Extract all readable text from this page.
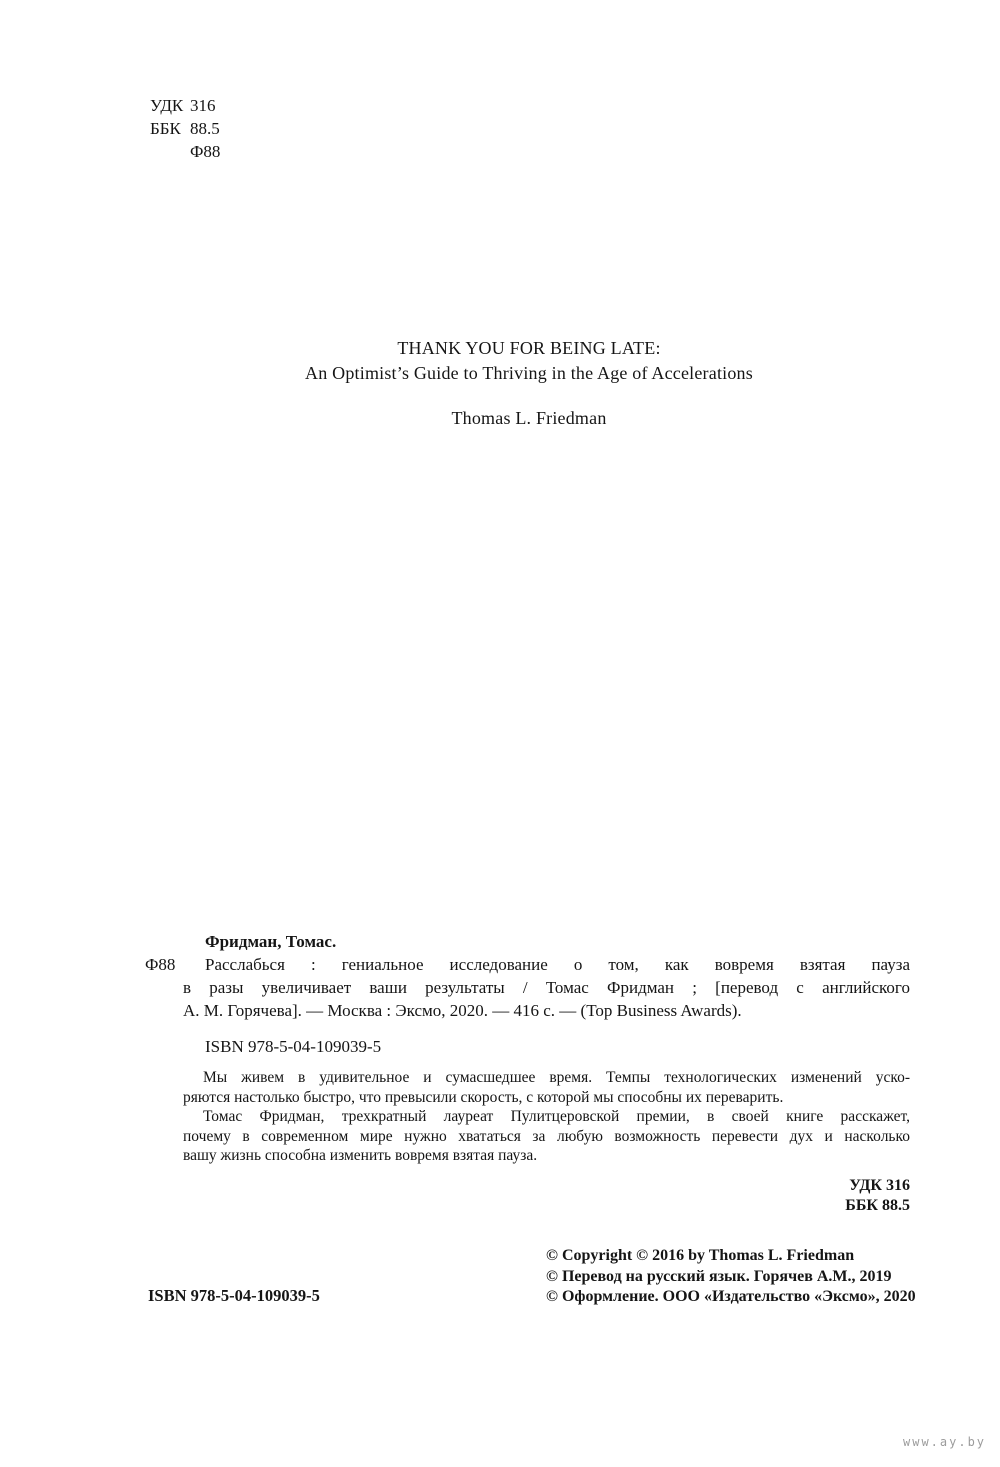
УДК 316
ББК 88.5
Ф88
THANK YOU FOR BEING LATE:
An Optimist’s Guide to Thriving in the Age of Accelerations
Thomas L. Friedman
Фридман, Томас.
Ф88	Расслабься : гениальное исследование о том, как вовремя взятая пауза
в разы увеличивает ваши результаты / Томас Фридман ; [перевод с английского
А. М. Горячева]. — Москва : Эксмо, 2020. — 416 с. — (Top Business Awards).
ISBN 978-5-04-109039-5
Мы живем в удивительное и сумасшедшее время. Темпы технологических изменений уско-
ряются настолько быстро, что превысили скорость, с которой мы способны их переварить.
Томас Фридман, трехкратный лауреат Пулитцеровской премии, в своей книге расскажет,
почему в современном мире нужно хвататься за любую возможность перевести дух и насколько
вашу жизнь способна изменить вовремя взятая пауза.
УДК 316
ББК 88.5
© Copyright © 2016 by Thomas L. Friedman
© Перевод на русский язык. Горячев А.М., 2019
© Оформление. ООО «Издательство «Эксмо», 2020
ISBN 978-5-04-109039-5
www.ay.by
